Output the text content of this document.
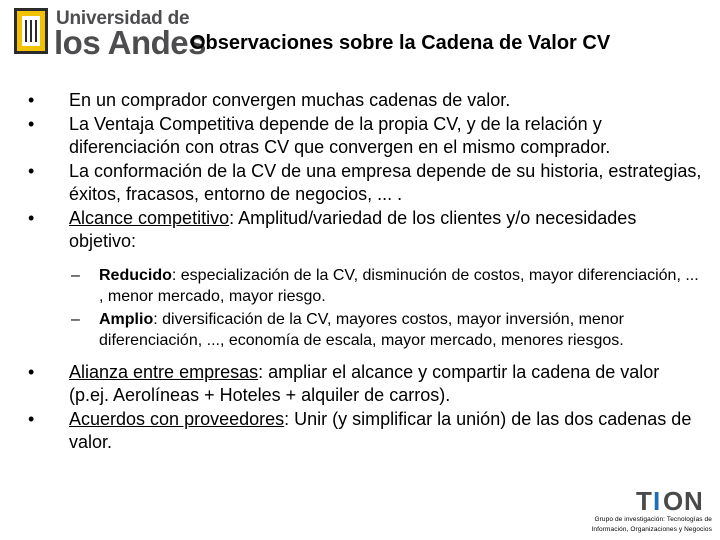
Universidad de
los Andes
Observaciones sobre la Cadena de Valor CV
• En un comprador convergen muchas cadenas de valor.
• La Ventaja Competitiva depende de la propia CV, y de la relación y diferenciación con otras CV que convergen en el mismo comprador.
• La conformación de la CV de una empresa depende de su historia, estrategias, éxitos, fracasos, entorno de negocios, ... .
• Alcance competitivo: Amplitud/variedad de los clientes y/o necesidades objetivo:
– Reducido: especialización de la CV, disminución de costos, mayor diferenciación, ... , menor mercado, mayor riesgo.
– Amplio: diversificación de la CV, mayores costos, mayor inversión, menor diferenciación, ..., economía de escala, mayor mercado, menores riesgos.
• Alianza entre empresas: ampliar el alcance y compartir la cadena de valor (p.ej. Aerolíneas + Hoteles + alquiler de carros).
• Acuerdos con proveedores: Unir (y simplificar la unión) de las dos cadenas de valor.
T I O N
Grupo de investigación: Tecnologías de
Información, Organizaciones y Negocios
